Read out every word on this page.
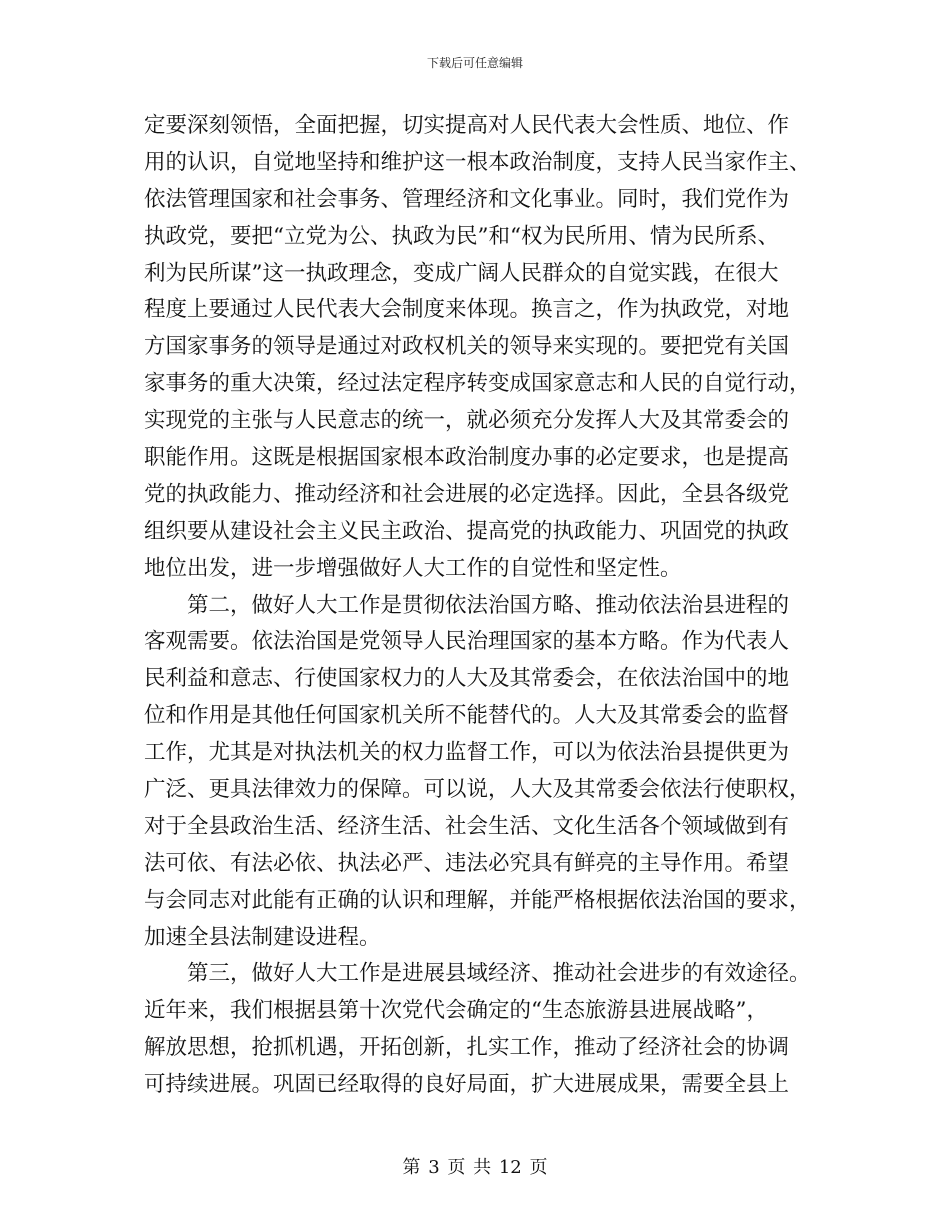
下载后可任意编辑
定要深刻领悟，全面把握，切实提高对人民代表大会性质、地位、作
用的认识，自觉地坚持和维护这一根本政治制度，支持人民当家作主、
依法管理国家和社会事务、管理经济和文化事业。同时，我们党作为
执政党，要把“立党为公、执政为民”和“权为民所用、情为民所系、
利为民所谋”这一执政理念，变成广阔人民群众的自觉实践，在很大
程度上要通过人民代表大会制度来体现。换言之，作为执政党，对地
方国家事务的领导是通过对政权机关的领导来实现的。要把党有关国
家事务的重大决策，经过法定程序转变成国家意志和人民的自觉行动，
实现党的主张与人民意志的统一，就必须充分发挥人大及其常委会的
职能作用。这既是根据国家根本政治制度办事的必定要求，也是提高
党的执政能力、推动经济和社会进展的必定选择。因此，全县各级党
组织要从建设社会主义民主政治、提高党的执政能力、巩固党的执政
地位出发，进一步增强做好人大工作的自觉性和坚定性。
　　第二，做好人大工作是贯彻依法治国方略、推动依法治县进程的
客观需要。依法治国是党领导人民治理国家的基本方略。作为代表人
民利益和意志、行使国家权力的人大及其常委会，在依法治国中的地
位和作用是其他任何国家机关所不能替代的。人大及其常委会的监督
工作，尤其是对执法机关的权力监督工作，可以为依法治县提供更为
广泛、更具法律效力的保障。可以说，人大及其常委会依法行使职权，
对于全县政治生活、经济生活、社会生活、文化生活各个领域做到有
法可依、有法必依、执法必严、违法必究具有鲜亮的主导作用。希望
与会同志对此能有正确的认识和理解，并能严格根据依法治国的要求，
加速全县法制建设进程。
　　第三，做好人大工作是进展县域经济、推动社会进步的有效途径。
近年来，我们根据县第十次党代会确定的“生态旅游县进展战略”，
解放思想，抢抓机遇，开拓创新，扎实工作，推动了经济社会的协调
可持续进展。巩固已经取得的良好局面，扩大进展成果，需要全县上
第 3 页 共 12 页
